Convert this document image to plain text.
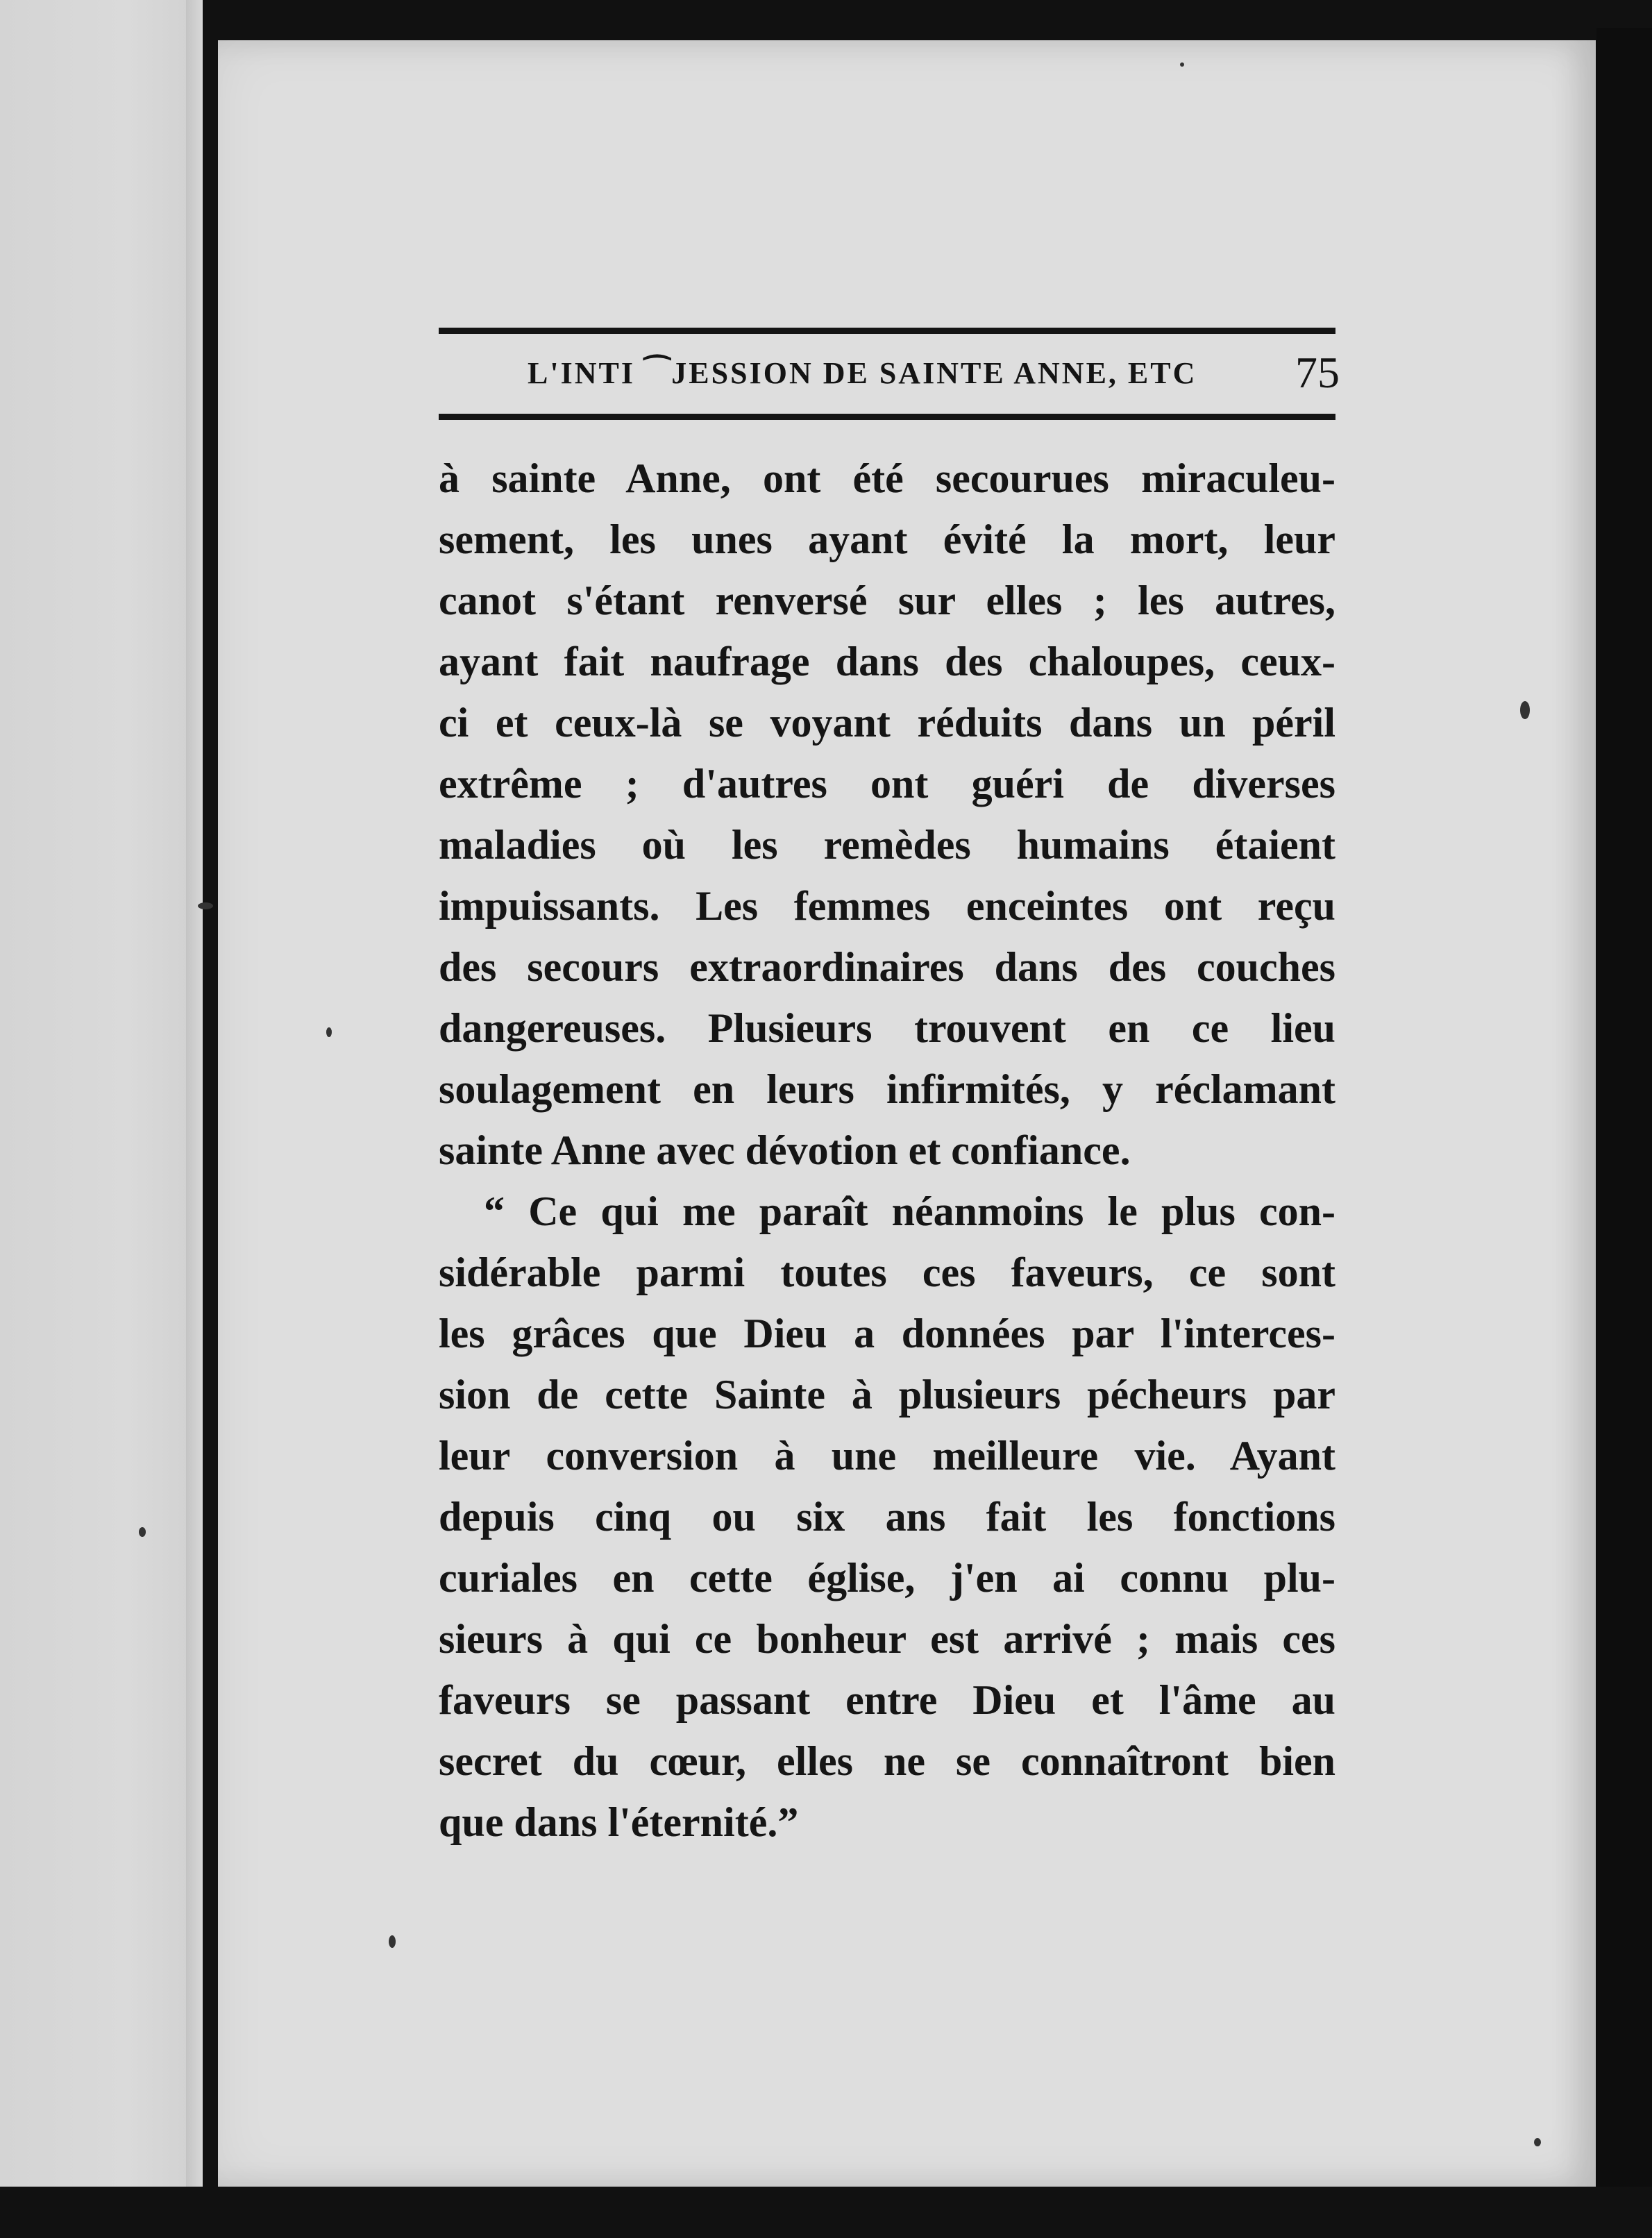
L'INTI ⁀JESSION DE SAINTE ANNE, ETC	75
à sainte Anne, ont été secourues miraculeu-
sement, les unes ayant évité la mort, leur
canot s'étant renversé sur elles ; les autres,
ayant fait naufrage dans des chaloupes, ceux-
ci et ceux-là se voyant réduits dans un péril
extrême ; d'autres ont guéri de diverses
maladies où les remèdes humains étaient
impuissants. Les femmes enceintes ont reçu
des secours extraordinaires dans des couches
dangereuses. Plusieurs trouvent en ce lieu
soulagement en leurs infirmités, y réclamant
sainte Anne avec dévotion et confiance.
“ Ce qui me paraît néanmoins le plus con-
sidérable parmi toutes ces faveurs, ce sont
les grâces que Dieu a données par l'interces-
sion de cette Sainte à plusieurs pécheurs par
leur conversion à une meilleure vie. Ayant
depuis cinq ou six ans fait les fonctions
curiales en cette église, j'en ai connu plu-
sieurs à qui ce bonheur est arrivé ; mais ces
faveurs se passant entre Dieu et l'âme au
secret du cœur, elles ne se connaîtront bien
que dans l'éternité.”
